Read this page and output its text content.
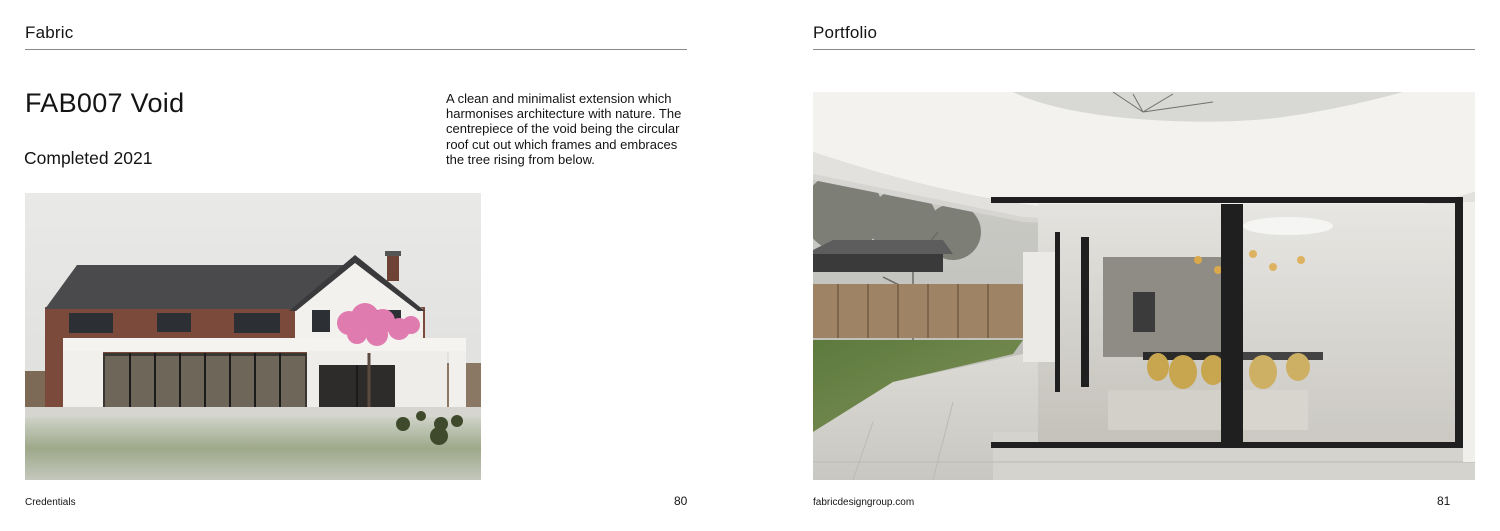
Fabric
FAB007 Void
Completed 2021
A clean and minimalist extension which harmonises architecture with nature. The centrepiece of the void being the circular roof cut out which frames and embraces the tree rising from below.
Credentials	80
Portfolio
fabricdesigngroup.com	81
